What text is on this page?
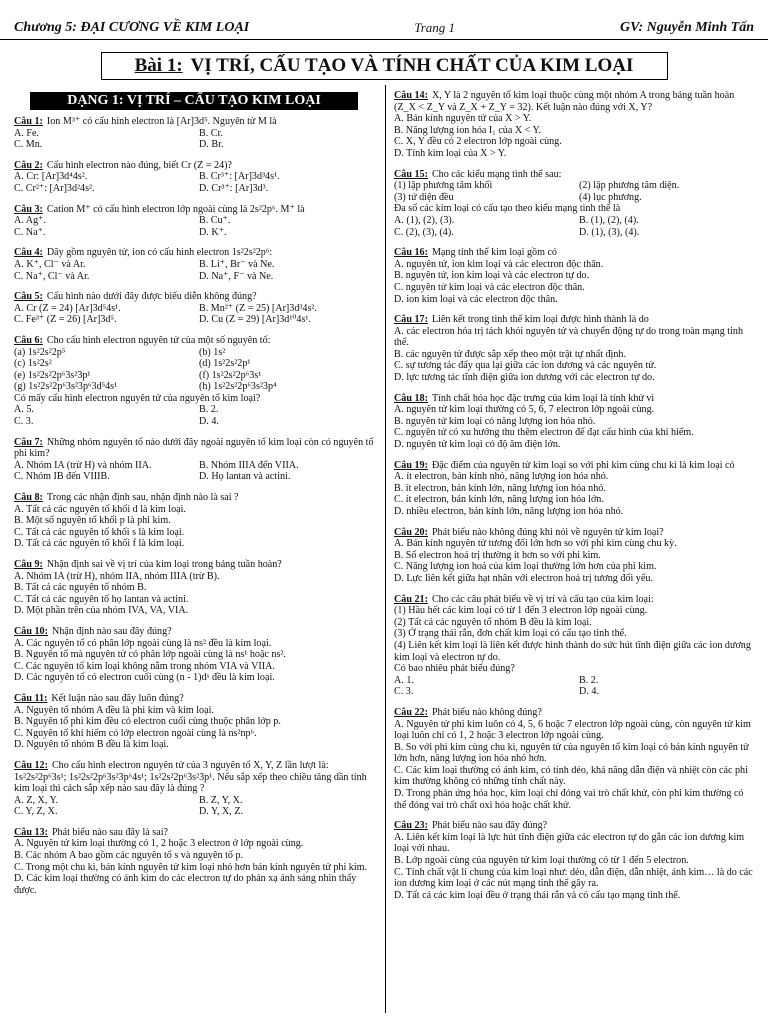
Chương 5: ĐẠI CƯƠNG VỀ KIM LOẠI	Trang 1	GV: Nguyễn Minh Tấn
Bài 1: VỊ TRÍ, CẤU TẠO VÀ TÍNH CHẤT CỦA KIM LOẠI
DẠNG 1: VỊ TRÍ – CẤU TẠO KIM LOẠI

Câu 1: Ion M³⁺ có cấu hình electron là [Ar]3d⁵. Nguyên tử M là

A. Fe.	B. Cr.
C. Mn.	D. Br.

Câu 2: Cấu hình electron nào đúng, biết Cr (Z = 24)?

A. Cr: [Ar]3d⁴4s².	B. Cr³⁺: [Ar]3d³4s¹.
C. Cr²⁺: [Ar]3d²4s².	D. Cr³⁺: [Ar]3d³.

Câu 3: Cation M⁺ có cấu hình electron lớp ngoài cùng là 2s²2p⁶. M⁺ là

A. Ag⁺.	B. Cu⁺.
C. Na⁺.	D. K⁺.

Câu 4: Dãy gồm nguyên tử, ion có cấu hình electron 1s²2s²2p⁶:

A. K⁺, Cl⁻ và Ar.	B. Li⁺, Br⁻ và Ne.
C. Na⁺, Cl⁻ và Ar.	D. Na⁺, F⁻ và Ne.

Câu 5: Cấu hình nào dưới đây được biểu diễn không đúng?

A. Cr (Z = 24) [Ar]3d⁵4s¹.	B. Mn²⁺ (Z = 25) [Ar]3d³4s².
C. Fe³⁺ (Z = 26) [Ar]3d⁵.	D. Cu (Z = 29) [Ar]3d¹⁰4s¹.

Câu 6: Cho cấu hình electron nguyên tử của một số nguyên tố:

(a) 1s²2s²2p⁵	(b) 1s²
(c) 1s²2s²	(d) 1s²2s²2p¹
(e) 1s²2s²2p⁶3s²3p¹	(f) 1s²2s²2p⁶3s¹
(g) 1s²2s²2p⁶3s²3p⁶3d⁵4s¹	(h) 1s²2s²2p⁶3s²3p⁴

Có mấy cấu hình electron nguyên tử của nguyên tố kim loại?

A. 5.	B. 2.
C. 3.	D. 4.

Câu 7: Những nhóm nguyên tố nào dưới đây ngoài nguyên tố kim loại còn có nguyên tố phi kim?

A. Nhóm IA (trừ H) và nhóm IIA.	B. Nhóm IIIA đến VIIA.
C. Nhóm IB đến VIIIB.	D. Họ lantan và actini.

Câu 8: Trong các nhận định sau, nhận định nào là sai ?

A. Tất cả các nguyên tố khối d là kim loại.

B. Một số nguyên tố khối p là phi kim.

C. Tất cả các nguyên tố khối s là kim loại.

D. Tất cả các nguyên tố khối f là kim loại.

Câu 9: Nhận định sai về vị trí của kim loại trong bảng tuần hoàn?

A. Nhóm IA (trừ H), nhóm IIA, nhóm IIIA (trừ B).

B. Tất cả các nguyên tố nhóm B.

C. Tất cả các nguyên tố họ lantan và actini.

D. Một phần trên của nhóm IVA, VA, VIA.

Câu 10: Nhận định nào sau đây đúng?

A. Các nguyên tố có phân lớp ngoài cùng là ns² đều là kim loại.

B. Nguyên tố mà nguyên tử có phân lớp ngoài cùng là ns¹ hoặc ns².

C. Các nguyên tố kim loại không nằm trong nhóm VIA và VIIA.

D. Các nguyên tố có electron cuối cùng (n - 1)dˣ đều là kim loại.

Câu 11: Kết luận nào sau đây luôn đúng?

A. Nguyên tố nhóm A đều là phi kim và kim loại.

B. Nguyên tố phi kim đều có electron cuối cùng thuộc phân lớp p.

C. Nguyên tố khí hiếm có lớp electron ngoài cùng là ns²np⁶.

D. Nguyên tố nhóm B đều là kim loại.

Câu 12: Cho cấu hình electron nguyên tử của 3 nguyên tố X, Y, Z lần lượt là: 1s²2s²2p⁶3s¹; 1s²2s²2p⁶3s²3p⁶4s¹; 1s²2s²2p⁶3s²3p¹. Nếu sắp xếp theo chiều tăng dần tính kim loại thì cách sắp xếp nào sau đây là đúng ?

A. Z, X, Y.	B. Z, Y, X.
C. Y, Z, X.	D. Y, X, Z.

Câu 13: Phát biểu nào sau đây là sai?

A. Nguyên tử kim loại thường có 1, 2 hoặc 3 electron ở lớp ngoài cùng.

B. Các nhóm A bao gồm các nguyên tố s và nguyên tố p.

C. Trong một chu kì, bán kính nguyên tử kim loại nhỏ hơn bán kính nguyên tử phi kim.

D. Các kim loại thường có ánh kim do các electron tự do phản xạ ánh sáng nhìn thấy được.

Câu 14: X, Y là 2 nguyên tố kim loại thuộc cùng một nhóm A trong bảng tuần hoàn (Z_X < Z_Y và Z_X + Z_Y = 32). Kết luận nào đúng với X, Y?

A. Bán kính nguyên tử của X > Y.

B. Năng lượng ion hóa I₁ của X < Y.

C. X, Y đều có 2 electron lớp ngoài cùng.

D. Tính kim loại của X > Y.

Câu 15: Cho các kiểu mạng tinh thể sau:

(1) lập phương tâm khối	(2) lập phương tâm diện.
(3) tứ diện đều	(4) lục phương.

Đa số các kim loại có cấu tạo theo kiểu mạng tinh thể là

A. (1), (2), (3).	B. (1), (2), (4).
C. (2), (3), (4).	D. (1), (3), (4).

Câu 16: Mạng tinh thể kim loại gồm có

A. nguyên tử, ion kim loại và các electron độc thân.

B. nguyên tử, ion kim loại và các electron tự do.

C. nguyên tử kim loại và các electron độc thân.

D. ion kim loại và các electron độc thân.

Câu 17: Liên kết trong tinh thể kim loại được hình thành là do

A. các electron hóa trị tách khỏi nguyên tử và chuyển động tự do trong toàn mạng tinh thể.

B. các nguyên tử được sắp xếp theo một trật tự nhất định.

C. sự tương tác đẩy qua lại giữa các ion dương và các nguyên tử.

D. lực tương tác tĩnh điện giữa ion dương với các electron tự do.

Câu 18: Tính chất hóa học đặc trưng của kim loại là tính khử vì

A. nguyên tử kim loại thường có 5, 6, 7 electron lớp ngoài cùng.

B. nguyên tử kim loại có năng lượng ion hóa nhỏ.

C. nguyên tử có xu hướng thu thêm electron để đạt cấu hình của khí hiếm.

D. nguyên tử kim loại có độ âm điện lớn.

Câu 19: Đặc điểm của nguyên tử kim loại so với phi kim cùng chu kì là kim loại có

A. ít electron, bán kính nhỏ, năng lượng ion hóa nhỏ.

B. ít electron, bán kính lớn, năng lượng ion hóa nhỏ.

C. ít electron, bán kính lớn, năng lượng ion hóa lớn.

D. nhiều electron, bán kính lớn, năng lượng ion hóa nhỏ.

Câu 20: Phát biểu nào không đúng khi nói về nguyên tử kim loại?

A. Bán kính nguyên tử tương đối lớn hơn so với phi kim cùng chu kỳ.

B. Số electron hoá trị thường ít hơn so với phi kim.

C. Năng lượng ion hoá của kim loại thường lớn hơn của phi kim.

D. Lực liên kết giữa hạt nhân với electron hoá trị tương đối yếu.

Câu 21: Cho các câu phát biểu về vị trí và cấu tạo của kim loại:

(1) Hầu hết các kim loại có từ 1 đến 3 electron lớp ngoài cùng.

(2) Tất cả các nguyên tố nhóm B đều là kim loại.

(3) Ở trạng thái rắn, đơn chất kim loại có cấu tạo tinh thể.

(4) Liên kết kim loại là liên kết được hình thành do sức hút tĩnh điện giữa các ion dương kim loại và electron tự do.

Có bao nhiêu phát biểu đúng?

A. 1.	B. 2.
C. 3.	D. 4.

Câu 22: Phát biểu nào không đúng?

A. Nguyên tử phi kim luôn có 4, 5, 6 hoặc 7 electron lớp ngoài cùng, còn nguyên tử kim loại luôn chỉ có 1, 2 hoặc 3 electron lớp ngoài cùng.

B. So với phi kim cùng chu kì, nguyên tử của nguyên tố kim loại có bán kính nguyên tử lớn hơn, năng lượng ion hóa nhỏ hơn.

C. Các kim loại thường có ánh kim, có tính dẻo, khả năng dẫn điện và nhiệt còn các phi kim thường không có những tính chất này.

D. Trong phản ứng hóa học, kim loại chỉ đóng vai trò chất khử, còn phi kim thường có thể đóng vai trò chất oxi hóa hoặc chất khử.

Câu 23: Phát biểu nào sau đây đúng?

A. Liên kết kim loại là lực hút tĩnh điện giữa các electron tự do gắn các ion dương kim loại với nhau.

B. Lớp ngoài cùng của nguyên tử kim loại thường có từ 1 đến 5 electron.

C. Tính chất vật lí chung của kim loại như: dẻo, dẫn điện, dẫn nhiệt, ánh kim… là do các ion dương kim loại ở các nút mạng tinh thể gây ra.

D. Tất cả các kim loại đều ở trạng thái rắn và có cấu tạo mạng tinh thể.
